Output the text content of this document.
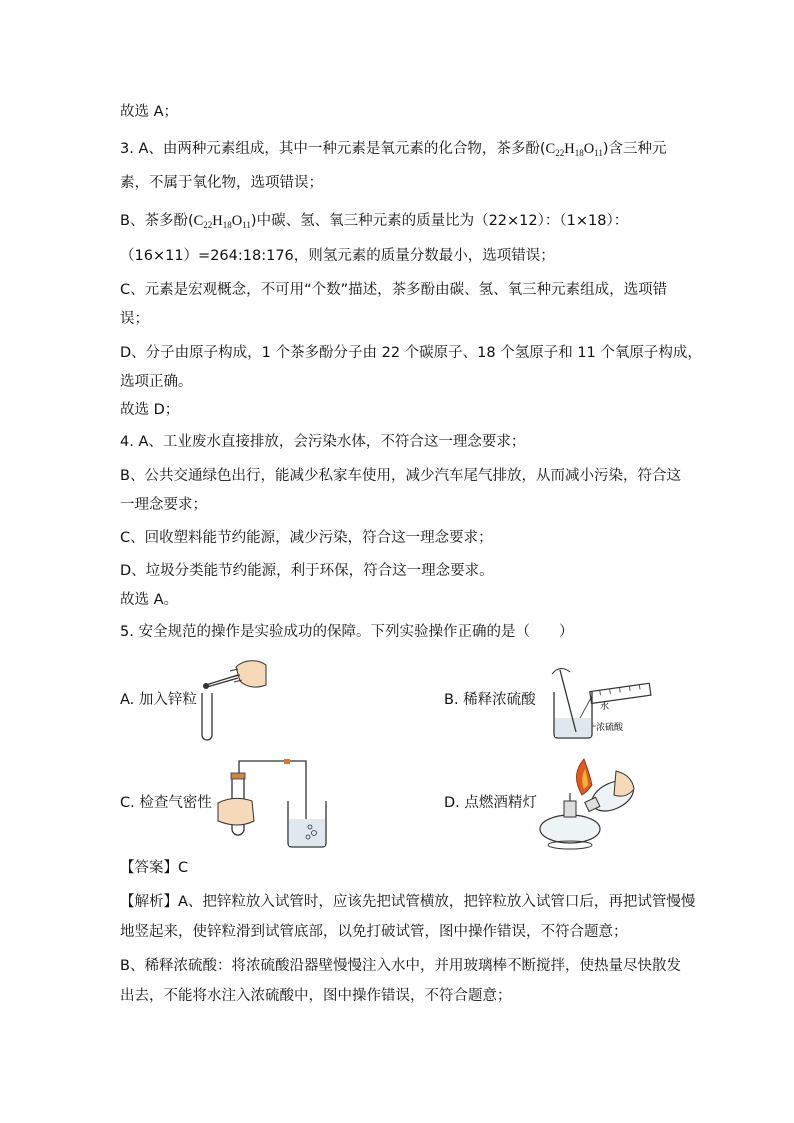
故选 A；
3. A、由两种元素组成，其中一种元素是氧元素的化合物，茶多酚$(C_{22}H_{18}O_{11})$含三种元
素，不属于氧化物，选项错误；
B、茶多酚$(C_{22}H_{18}O_{11})$中碳、氢、氧三种元素的质量比为（22×12）：（1×18）：
（16×11）=264:18:176，则氢元素的质量分数最小，选项错误；
C、元素是宏观概念，不可用“个数”描述，茶多酚由碳、氢、氧三种元素组成，选项错
误；
D、分子由原子构成，1 个茶多酚分子由 22 个碳原子、18 个氢原子和 11 个氧原子构成，
选项正确。
故选 D；
4. A、工业废水直接排放，会污染水体，不符合这一理念要求；
B、公共交通绿色出行，能减少私家车使用，减少汽车尾气排放，从而减小污染，符合这
一理念要求；
C、回收塑料能节约能源，减少污染，符合这一理念要求；
D、垃圾分类能节约能源，利于环保，符合这一理念要求。
故选 A。
5. 安全规范的操作是实验成功的保障。下列实验操作正确的是（　　）
A. 加入锌粒	B. 稀释浓硫酸	水
浓硫酸
C. 检查气密性	D. 点燃酒精灯
【答案】C
【解析】A、把锌粒放入试管时，应该先把试管横放，把锌粒放入试管口后，再把试管慢慢
地竖起来，使锌粒滑到试管底部，以免打破试管，图中操作错误，不符合题意；
B、稀释浓硫酸：将浓硫酸沿器壁慢慢注入水中，并用玻璃棒不断搅拌，使热量尽快散发
出去，不能将水注入浓硫酸中，图中操作错误，不符合题意；
